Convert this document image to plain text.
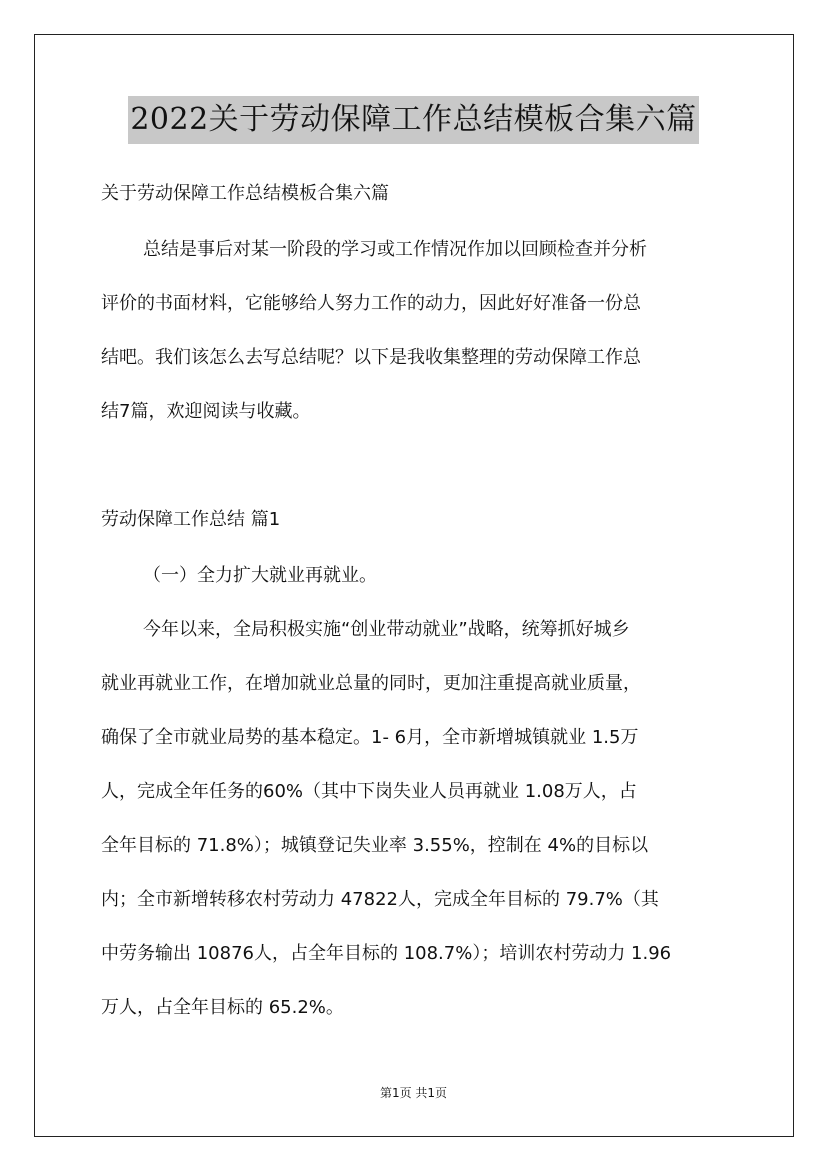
2022关于劳动保障工作总结模板合集六篇
关于劳动保障工作总结模板合集六篇
总结是事后对某一阶段的学习或工作情况作加以回顾检查并分析
评价的书面材料，它能够给人努力工作的动力，因此好好准备一份总
结吧。我们该怎么去写总结呢？以下是我收集整理的劳动保障工作总
结7篇，欢迎阅读与收藏。
劳动保障工作总结 篇1
（一）全力扩大就业再就业。
今年以来，全局积极实施“创业带动就业”战略，统筹抓好城乡
就业再就业工作，在增加就业总量的同时，更加注重提高就业质量，
确保了全市就业局势的基本稳定。1- 6月，全市新增城镇就业 1.5万
人，完成全年任务的60%（其中下岗失业人员再就业 1.08万人，占
全年目标的 71.8%）；城镇登记失业率 3.55%，控制在 4%的目标以
内；全市新增转移农村劳动力 47822人，完成全年目标的 79.7%（其
中劳务输出 10876人，占全年目标的 108.7%）；培训农村劳动力 1.96
万人，占全年目标的 65.2%。
第1页 共1页
